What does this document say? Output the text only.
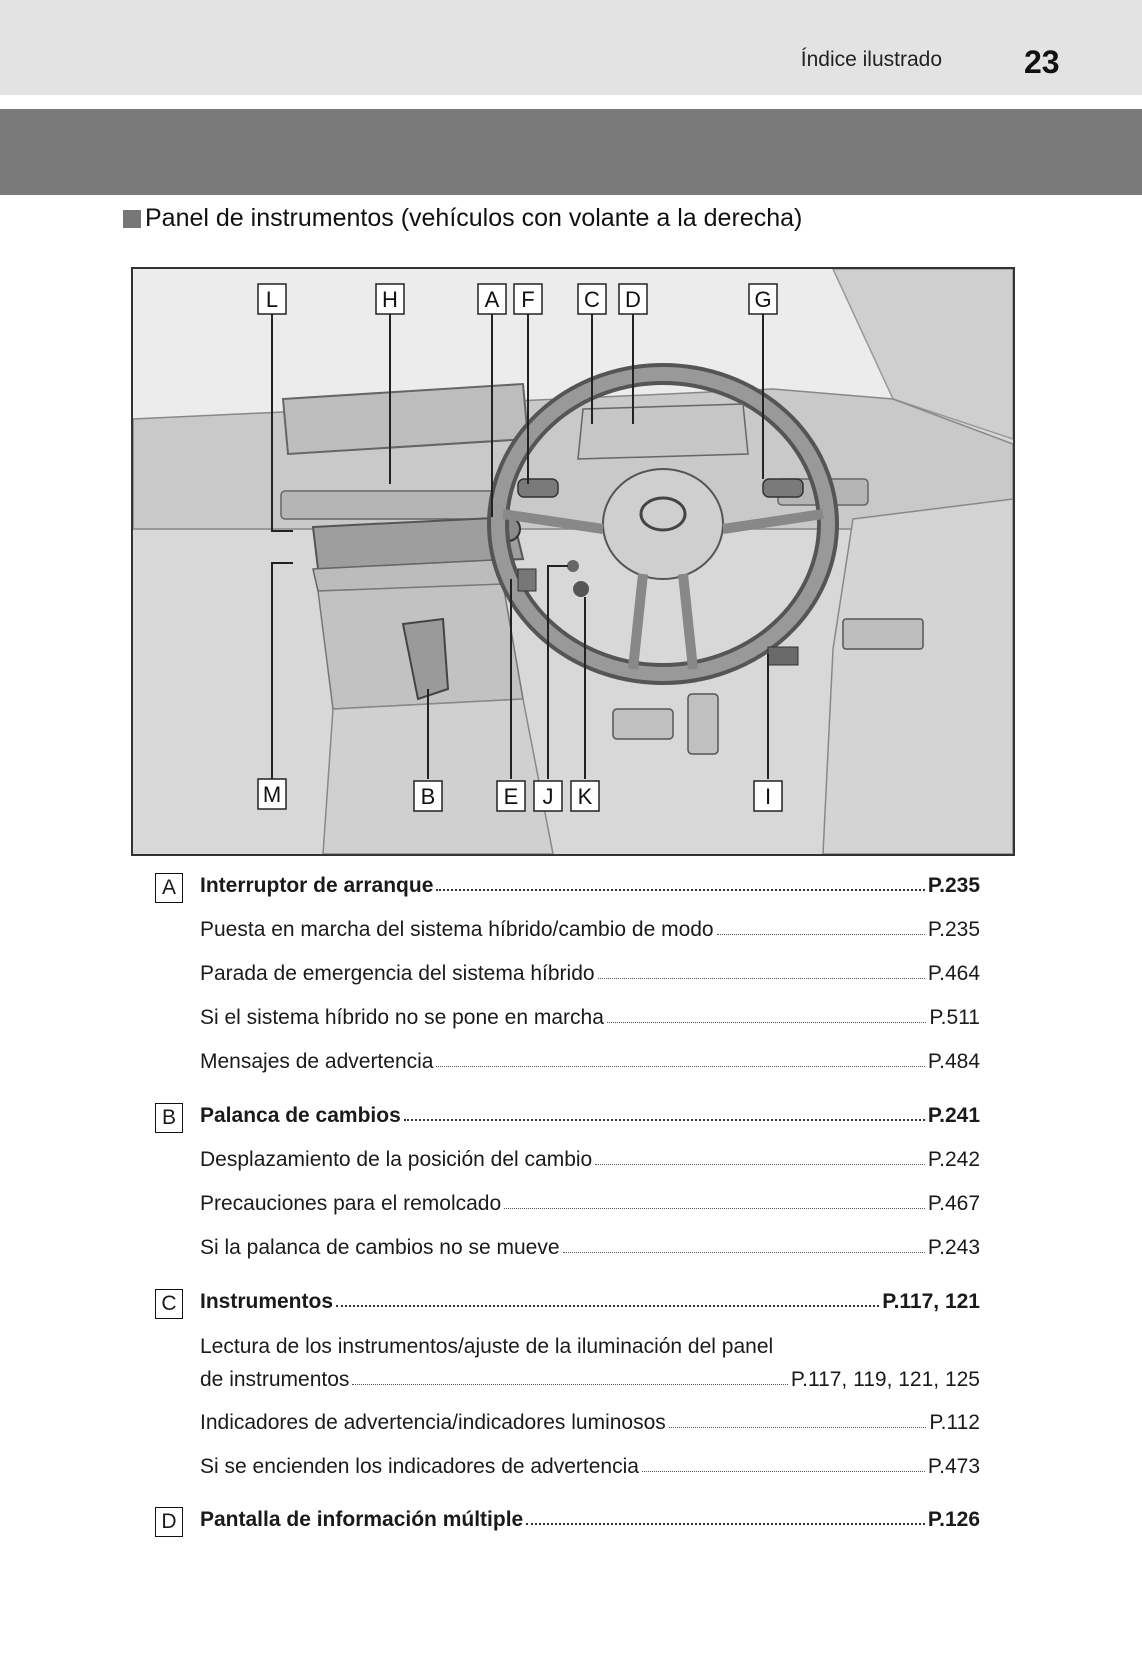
Índice ilustrado	23
Panel de instrumentos (vehículos con volante a la derecha)
L	H	A F C D	G
M	B	E J K	I
A	Interruptor de arranque	P.235
Puesta en marcha del sistema híbrido/cambio de modo	P.235
Parada de emergencia del sistema híbrido	P.464
Si el sistema híbrido no se pone en marcha	P.511
Mensajes de advertencia	P.484
B	Palanca de cambios	P.241
Desplazamiento de la posición del cambio	P.242
Precauciones para el remolcado	P.467
Si la palanca de cambios no se mueve	P.243
C	Instrumentos	P.117, 121
Lectura de los instrumentos/ajuste de la iluminación del panel
de instrumentos	P.117, 119, 121, 125
Indicadores de advertencia/indicadores luminosos	P.112
Si se encienden los indicadores de advertencia	P.473
D	Pantalla de información múltiple	P.126
